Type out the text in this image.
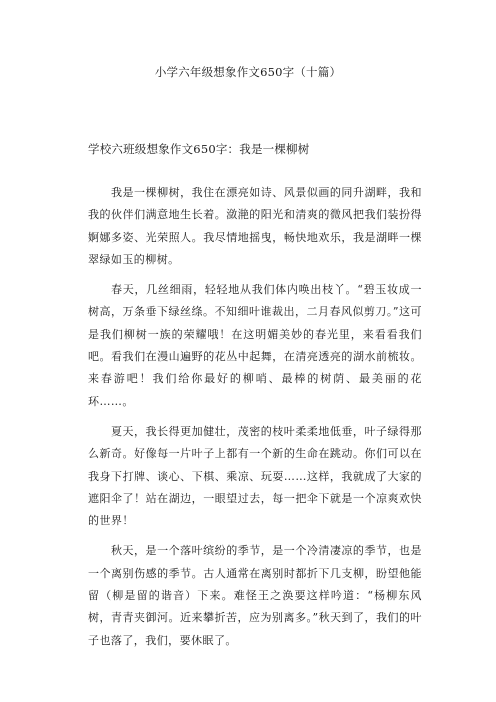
小学六年级想象作文650字（十篇）
学校六班级想象作文650字：我是一棵柳树

我是一棵柳树，我住在漂亮如诗、风景似画的同升湖畔，我和我的伙伴们满意地生长着。潋滟的阳光和清爽的微风把我们装扮得婀娜多姿、光荣照人。我尽情地摇曳，畅快地欢乐，我是湖畔一棵翠绿如玉的柳树。

春天，几丝细雨，轻轻地从我们体内唤出枝丫。“碧玉妆成一树高，万条垂下绿丝绦。不知细叶谁裁出，二月春风似剪刀。”这可是我们柳树一族的荣耀哦！在这明媚美妙的春光里，来看看我们吧。看我们在漫山遍野的花丛中起舞，在清亮透亮的湖水前梳妆。来春游吧！我们给你最好的柳哨、最棒的树荫、最美丽的花环……。

夏天，我长得更加健壮，茂密的枝叶柔柔地低垂，叶子绿得那么新奇。好像每一片叶子上都有一个新的生命在跳动。你们可以在我身下打牌、谈心、下棋、乘凉、玩耍……这样，我就成了大家的遮阳伞了！站在湖边，一眼望过去，每一把伞下就是一个凉爽欢快的世界！

秋天，是一个落叶缤纷的季节，是一个冷清凄凉的季节，也是一个离别伤感的季节。古人通常在离别时都折下几支柳，盼望他能留（柳是留的谐音）下来。难怪王之涣要这样吟道：“杨柳东风树，青青夹御河。近来攀折苦，应为别离多。”秋天到了，我们的叶子也落了，我们，要休眠了。
